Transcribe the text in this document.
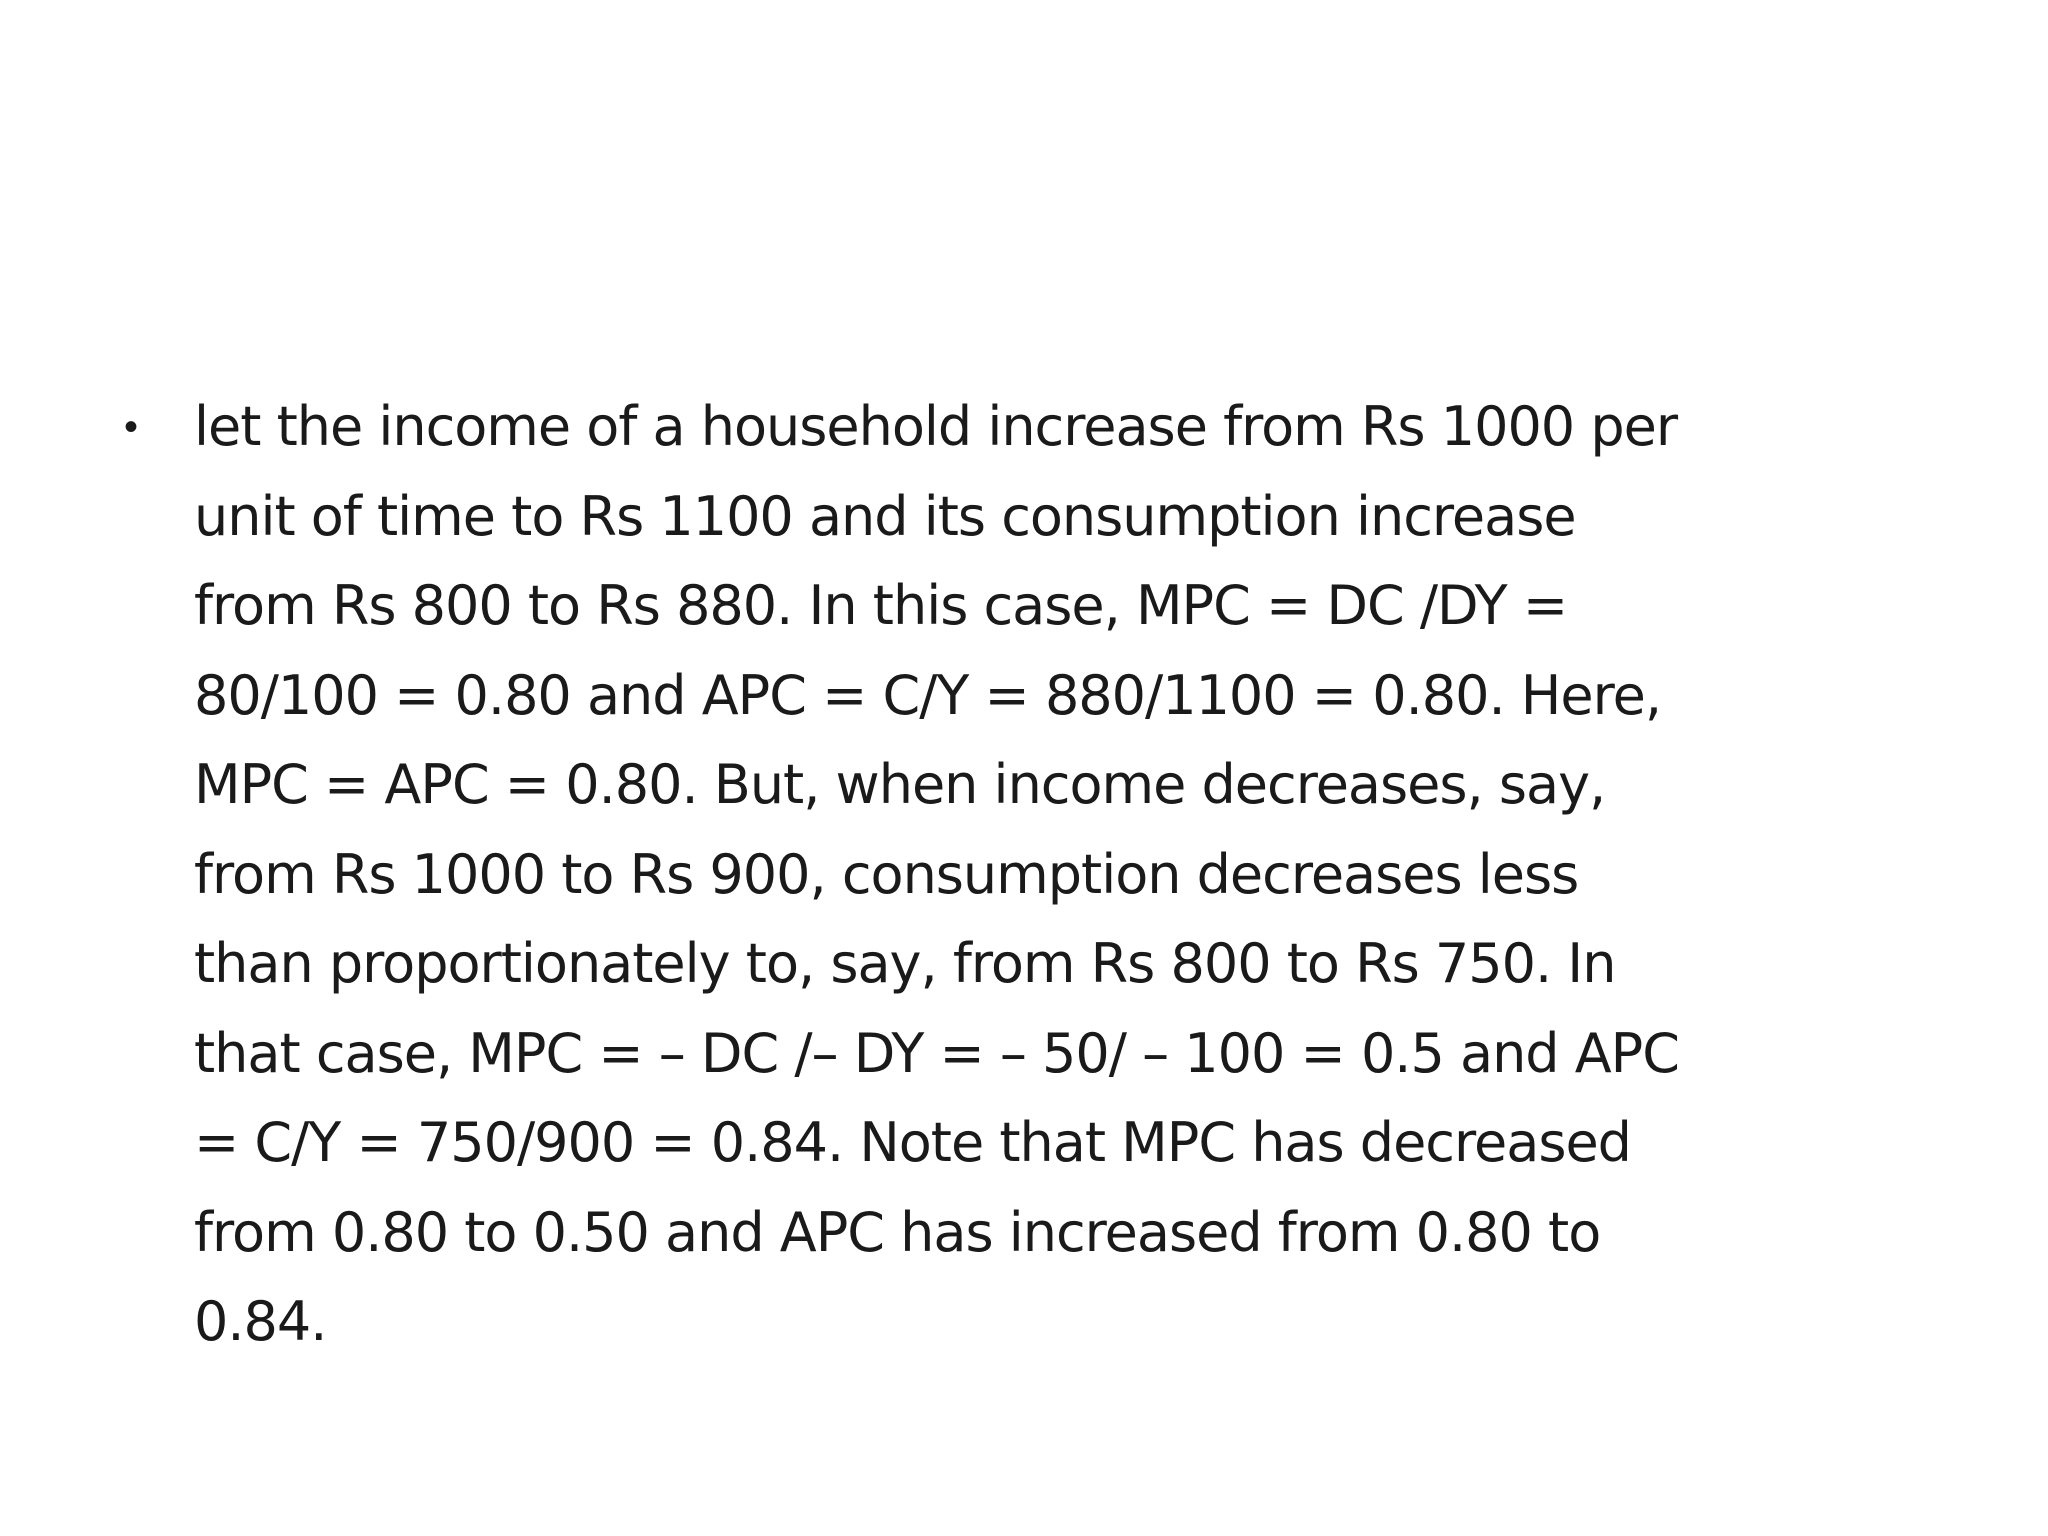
•	let the income of a household increase from Rs 1000 per
unit of time to Rs 1100 and its consumption increase
from Rs 800 to Rs 880. In this case, MPC = DC /DY =
80/100 = 0.80 and APC = C/Y = 880/1100 = 0.80. Here,
MPC = APC = 0.80. But, when income decreases, say,
from Rs 1000 to Rs 900, consumption decreases less
than proportionately to, say, from Rs 800 to Rs 750. In
that case, MPC = – DC /– DY = – 50/ – 100 = 0.5 and APC
= C/Y = 750/900 = 0.84. Note that MPC has decreased
from 0.80 to 0.50 and APC has increased from 0.80 to
0.84.
